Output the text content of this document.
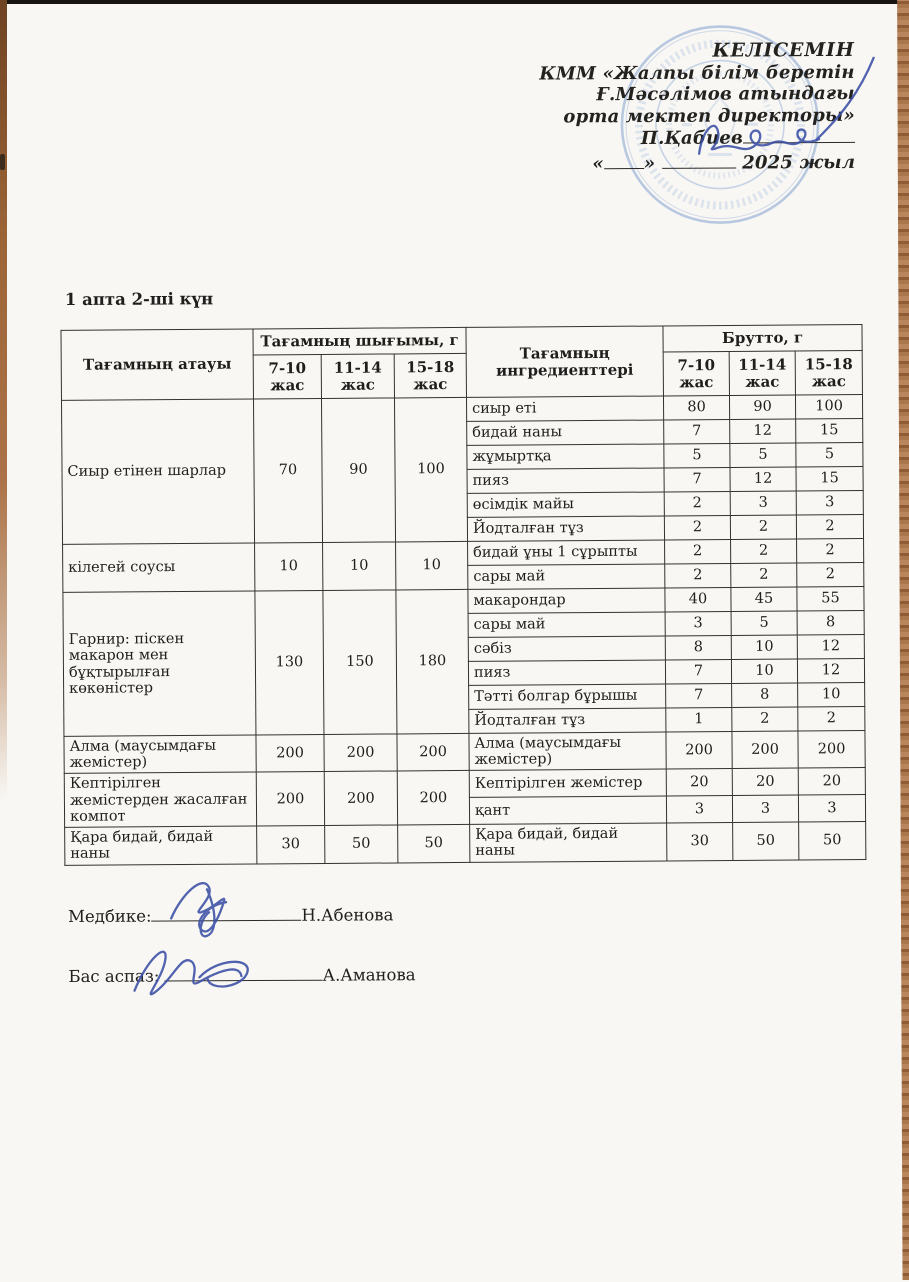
КЕЛІСЕМІН
КММ «Жалпы білім беретін
Ғ.Мәсәлімов атындағы
орта мектеп директоры»
П.Қабиев
« »	2025 жыл
1 апта 2-ші күн
Тағамның атауы	Тағамның шығымы, г			Тағамның ингредиенттері	Брутто, г		
	7-10 жас	11-14 жас	15-18 жас		7-10 жас	11-14 жас	15-18 жас
Сиыр етінен шарлар	70	90	100	сиыр еті	80	90	100
				бидай наны	7	12	15
				жұмыртқа	5	5	5
				пияз	7	12	15
				өсімдік майы	2	3	3
				Йодталған тұз	2	2	2
кілегей соусы	10	10	10	бидай ұны 1 сұрыпты	2	2	2
				сары май	2	2	2
Гарнир: піскен макарон мен бұқтырылған көкөністер	130	150	180	макарондар	40	45	55
				сары май	3	5	8
				сәбіз	8	10	12
				пияз	7	10	12
				Тәтті болгар бұрышы	7	8	10
				Йодталған тұз	1	2	2
Алма (маусымдағы жемістер)	200	200	200	Алма (маусымдағы жемістер)	200	200	200
Кептірілген жемістерден жасалған компот	200	200	200	Кептірілген жемістер	20	20	20
				қант	3	3	3
Қара бидай, бидай наны	30	50	50	Қара бидай, бидай наны	30	50	50
Медбике:	Н.Абенова
Бас аспаз:	А.Аманова
